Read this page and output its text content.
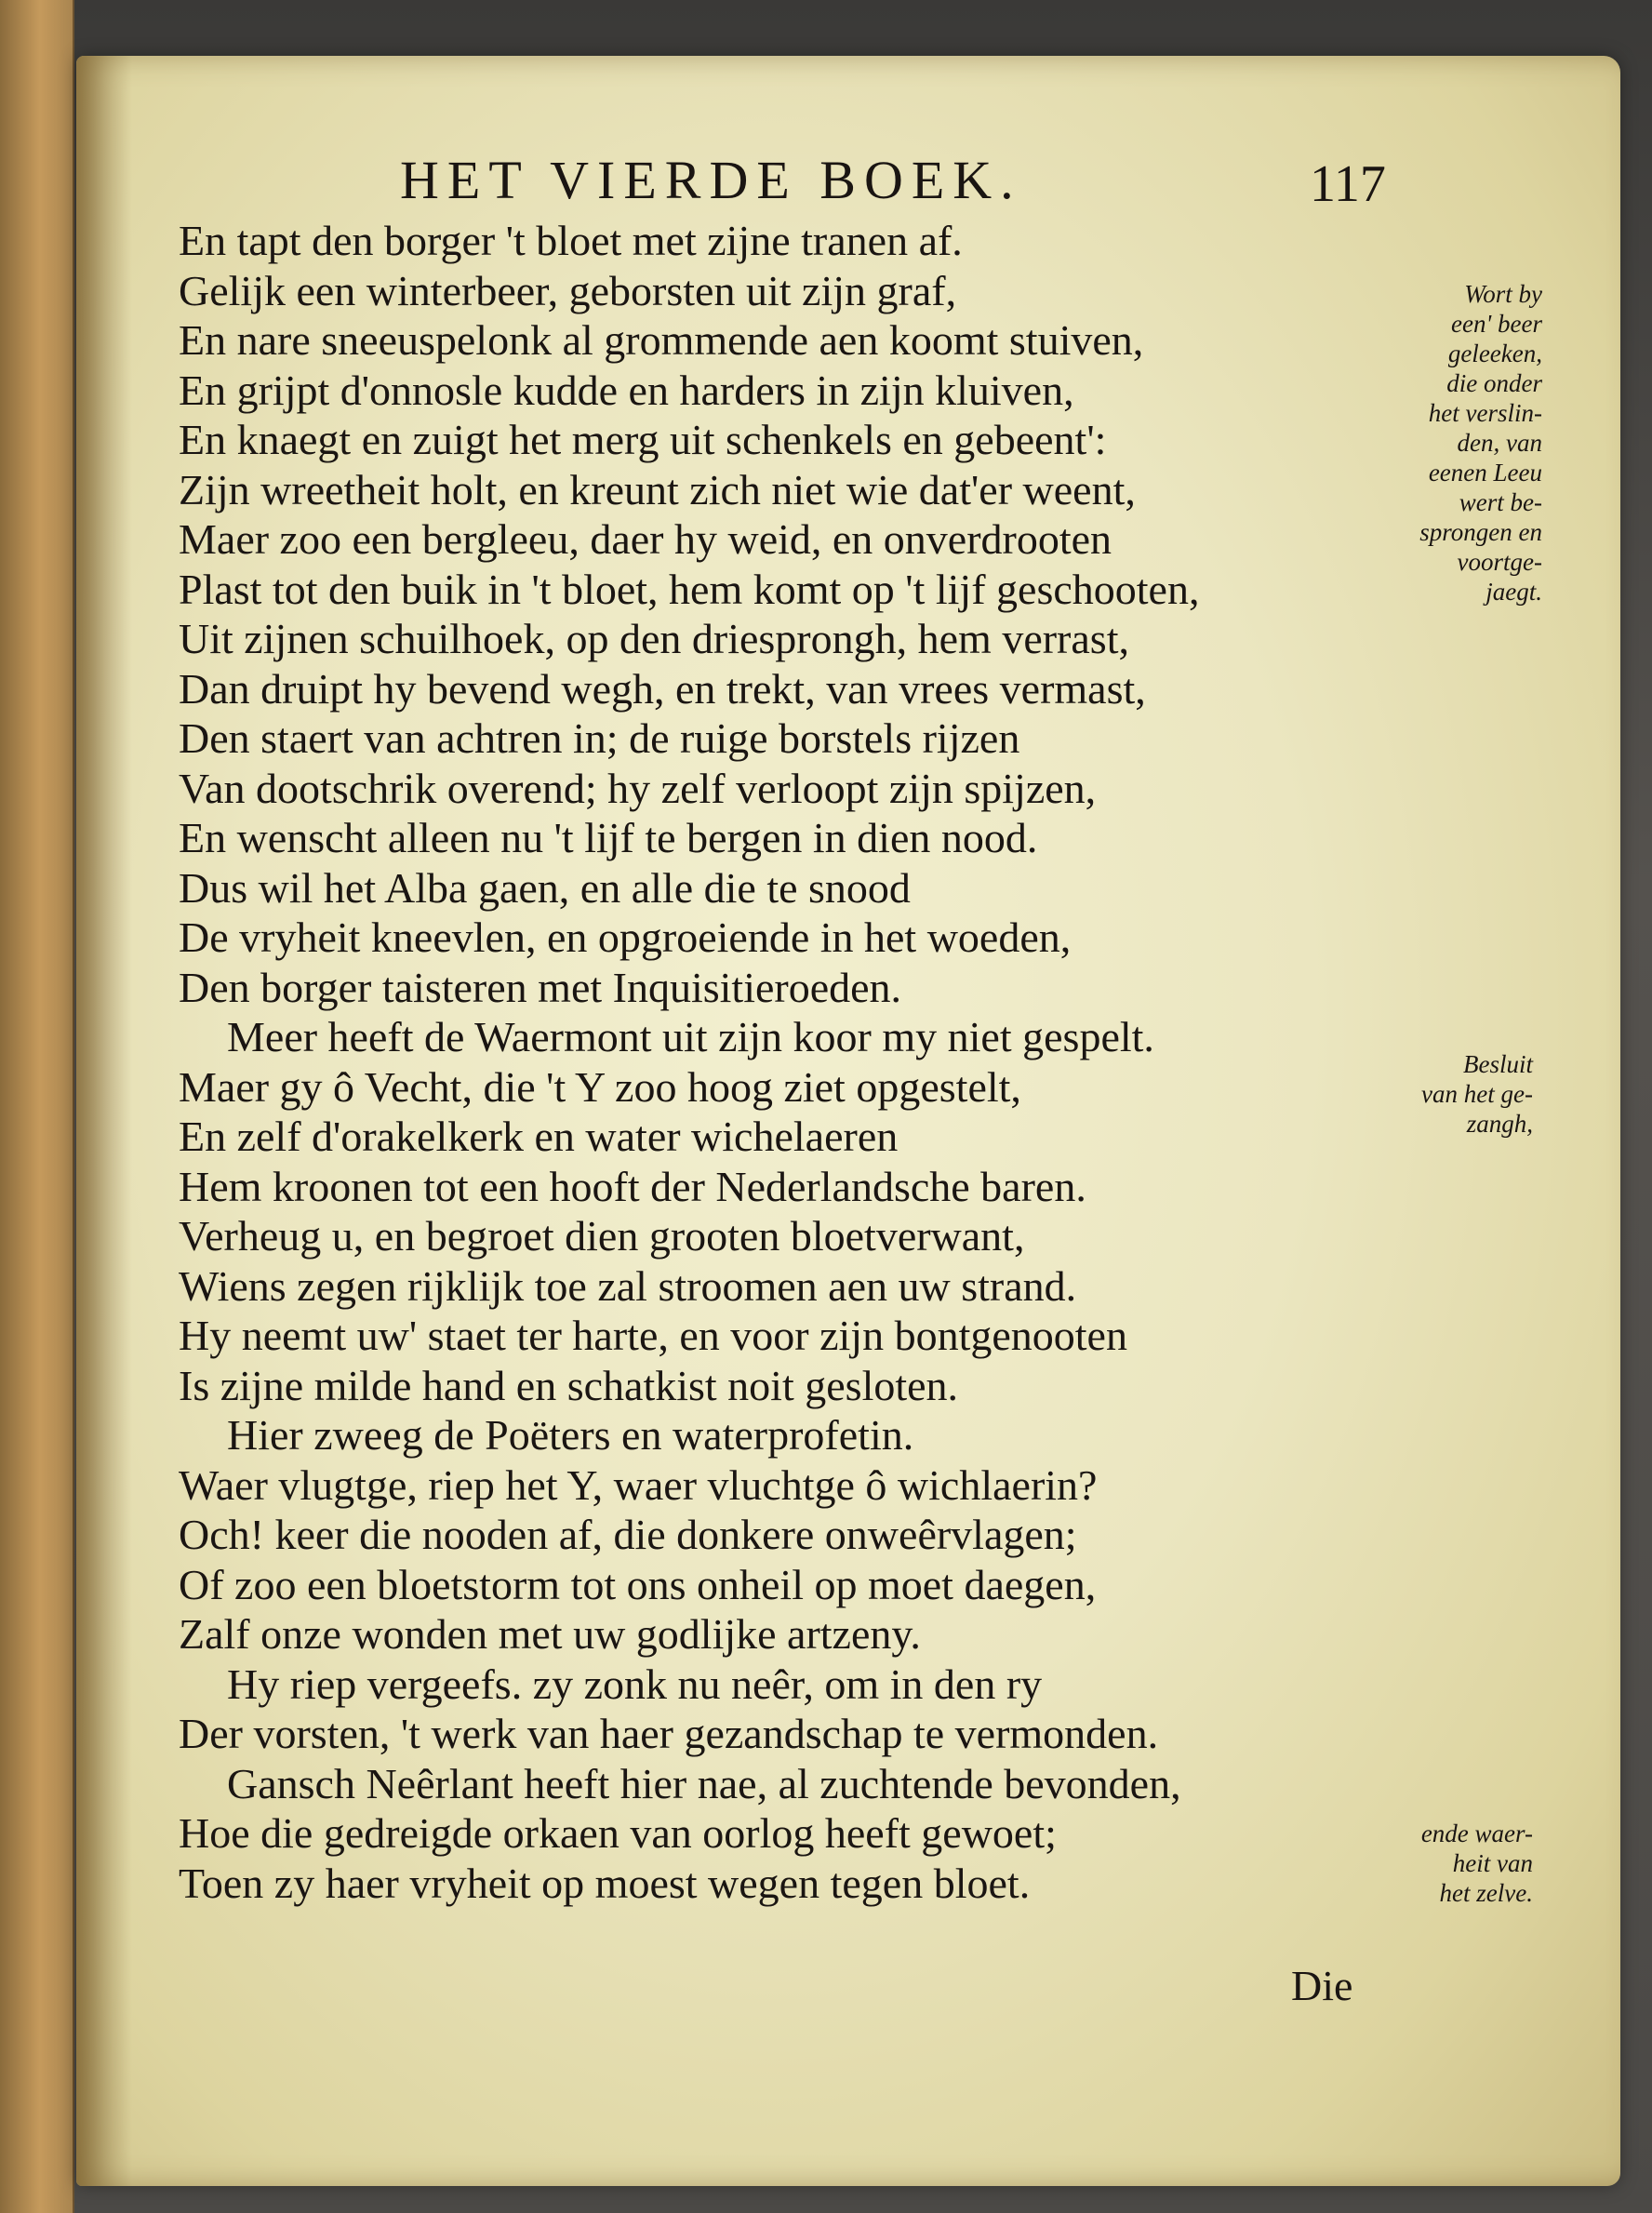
HET VIERDE BOEK.	117
En tapt den borger 't bloet met zijne tranen af.
Gelijk een winterbeer, geborsten uit zijn graf,
En nare sneeuspelonk al grommende aen koomt stuiven,
En grijpt d'onnosle kudde en harders in zijn kluiven,
En knaegt en zuigt het merg uit schenkels en gebeent':
Zijn wreetheit holt, en kreunt zich niet wie dat'er weent,
Maer zoo een bergleeu, daer hy weid, en onverdrooten
Plast tot den buik in 't bloet, hem komt op 't lijf geschooten,
Uit zijnen schuilhoek, op den driesprongh, hem verrast,
Dan druipt hy bevend wegh, en trekt, van vrees vermast,
Den staert van achtren in; de ruige borstels rijzen
Van dootschrik overend; hy zelf verloopt zijn spijzen,
En wenscht alleen nu 't lijf te bergen in dien nood.
Dus wil het Alba gaen, en alle die te snood
De vryheit kneevlen, en opgroeiende in het woeden,
Den borger taisteren met Inquisitieroeden.
Meer heeft de Waermont uit zijn koor my niet gespelt.
Maer gy ô Vecht, die 't Y zoo hoog ziet opgestelt,
En zelf d'orakelkerk en water wichelaeren
Hem kroonen tot een hooft der Nederlandsche baren.
Verheug u, en begroet dien grooten bloetverwant,
Wiens zegen rijklijk toe zal stroomen aen uw strand.
Hy neemt uw' staet ter harte, en voor zijn bontgenooten
Is zijne milde hand en schatkist noit gesloten.
Hier zweeg de Poëters en waterprofetin.
Waer vlugtge, riep het Y, waer vluchtge ô wichlaerin?
Och! keer die nooden af, die donkere onweêrvlagen;
Of zoo een bloetstorm tot ons onheil op moet daegen,
Zalf onze wonden met uw godlijke artzeny.
Hy riep vergeefs. zy zonk nu neêr, om in den ry
Der vorsten, 't werk van haer gezandschap te vermonden.
Gansch Neêrlant heeft hier nae, al zuchtende bevonden,
Hoe die gedreigde orkaen van oorlog heeft gewoet;
Toen zy haer vryheit op moest wegen tegen bloet.
Wort by
een' beer
geleeken,
die onder
het verslin-
den, van
eenen Leeu
wert be-
sprongen en
voortge-
jaegt.
Besluit
van het ge-
zangh,
ende waer-
heit van
het zelve.
Die
